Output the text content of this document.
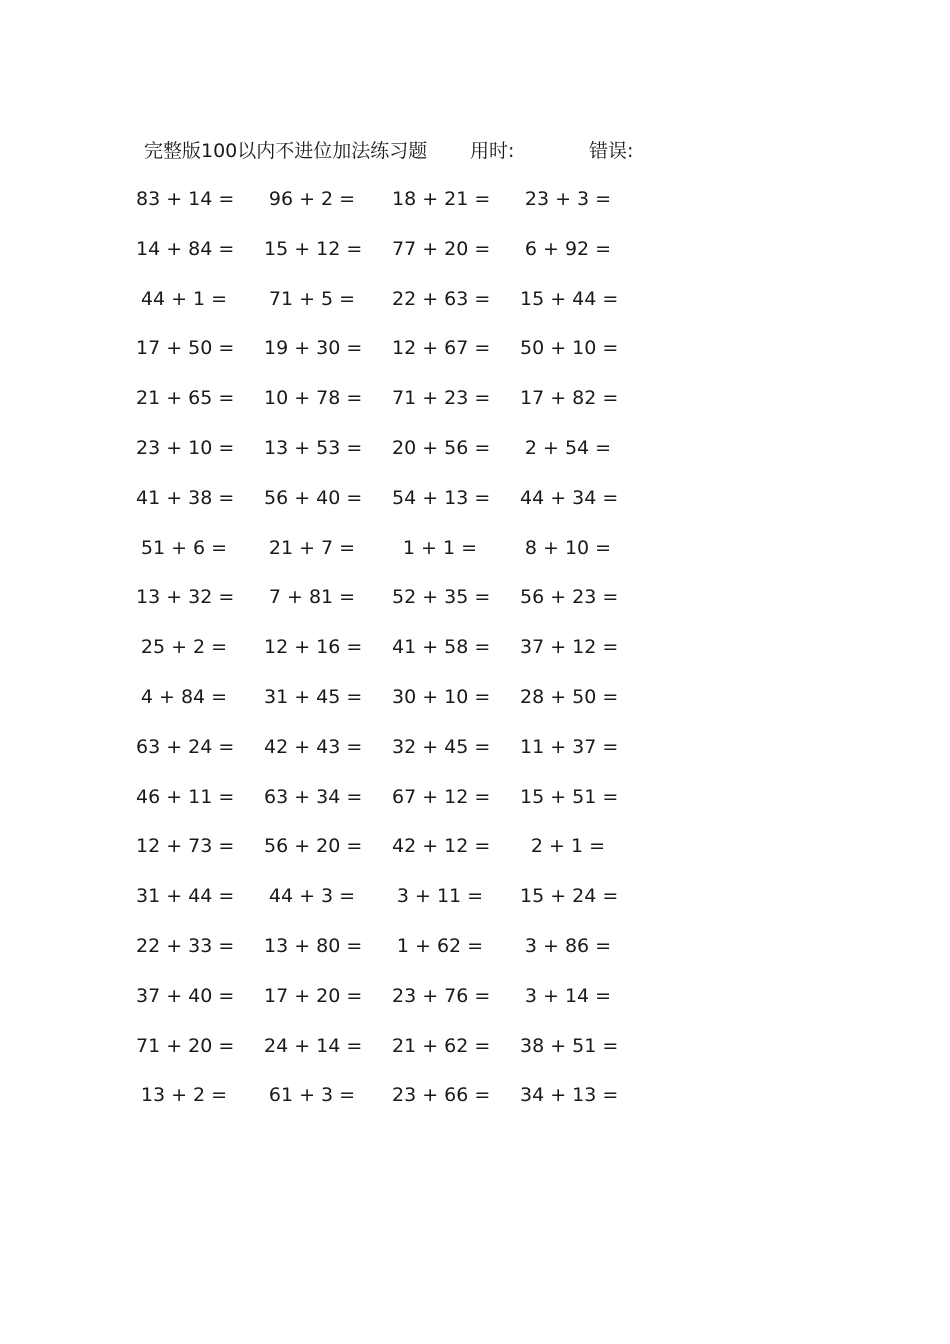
完整版100以内不进位加法练习题 用时:	错误:
83 + 14 = 96 + 2 = 18 + 21 = 23 + 3 =
14 + 84 = 15 + 12 = 77 + 20 = 6 + 92 =
44 + 1 = 71 + 5 = 22 + 63 = 15 + 44 =
17 + 50 = 19 + 30 = 12 + 67 = 50 + 10 =
21 + 65 = 10 + 78 = 71 + 23 = 17 + 82 =
23 + 10 = 13 + 53 = 20 + 56 = 2 + 54 =
41 + 38 = 56 + 40 = 54 + 13 = 44 + 34 =
51 + 6 = 21 + 7 =	1 + 1 =	8 + 10 =
13 + 32 = 7 + 81 = 52 + 35 = 56 + 23 =
25 + 2 = 12 + 16 = 41 + 58 = 37 + 12 =
4 + 84 = 31 + 45 = 30 + 10 = 28 + 50 =
63 + 24 = 42 + 43 = 32 + 45 = 11 + 37 =
46 + 11 = 63 + 34 = 67 + 12 = 15 + 51 =
12 + 73 = 56 + 20 = 42 + 12 =	2 + 1 =
31 + 44 = 44 + 3 = 3 + 11 = 15 + 24 =
22 + 33 = 13 + 80 = 1 + 62 = 3 + 86 =
37 + 40 = 17 + 20 = 23 + 76 = 3 + 14 =
71 + 20 = 24 + 14 = 21 + 62 = 38 + 51 =
13 + 2 = 61 + 3 = 23 + 66 = 34 + 13 =
